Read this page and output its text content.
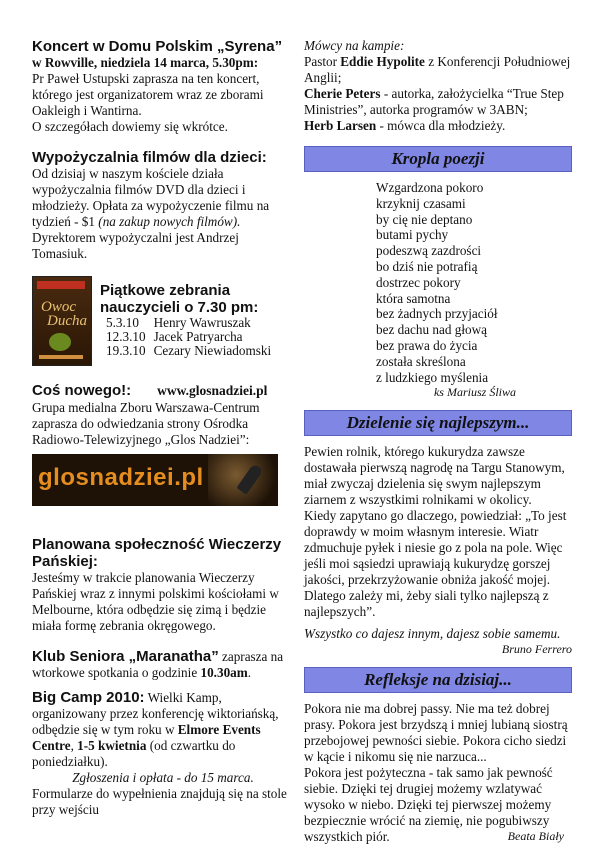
Koncert w Domu Polskim „Syrena”

w Rowville, niedziela 14 marca, 5.30pm:

Pr Paweł Ustupski zaprasza na ten koncert, którego jest organizatorem wraz ze zborami Oakleigh i Wantirna.

O szczegółach dowiemy się wkrótce.

Wypożyczalnia filmów dla dzieci:

Od dzisiaj w naszym kościele działa wypożyczalnia filmów DVD dla dzieci i młodzieży. Opłata za wypożyczenie filmu na tydzień - $1 (na zakup nowych filmów).

Dyrektorem wypożyczalni jest Andrzej Tomasiuk.

Owoc
Ducha

Piątkowe zebrania nauczycieli o 7.30 pm:

5.3.10	Henry Wawruszak
12.3.10	Jacek Patryarcha
19.3.10	Cezary Niewiadomski

Coś nowego!: www.glosnadziei.pl

Grupa medialna Zboru Warszawa-Centrum zaprasza do odwiedzania strony Ośrodka Radiowo-Telewizyjnego „Glos Nadziei”:

glosnadziei.pl

Planowana społeczność Wieczerzy Pańskiej:

Jesteśmy w trakcie planowania Wieczerzy Pańskiej wraz z innymi polskimi kościołami w Melbourne, która odbędzie się zimą i będzie miała formę zebrania okręgowego.

Klub Seniora „Maranatha” zaprasza na wtorkowe spotkania o godzinie 10.30am.

Big Camp 2010: Wielki Kamp, organizowany przez konferencję wiktoriańską, odbędzie się w tym roku w Elmore Events Centre, 1-5 kwietnia (od czwartku do poniedziałku).

Zgłoszenia i opłata - do 15 marca.

Formularze do wypełnienia znajdują się na stole przy wejściu

Mówcy na kampie:

Pastor Eddie Hypolite z Konferencji Południowej Anglii;

Cherie Peters - autorka, założycielka “True Step Ministries”, autorka programów w 3ABN;

Herb Larsen - mówca dla młodzieży.

Kropla poezji
Wzgardzona pokoro
krzyknij czasami
by cię nie deptano
butami pychy
podeszwą zazdrości
bo dziś nie potrafią
dostrzec pokory
która samotna
bez żadnych przyjaciół
bez dachu nad głową
bez prawa do życia
została skreślona
z ludzkiego myślenia

ks Mariusz Śliwa

Dzielenie się najlepszym...

Pewien rolnik, którego kukurydza zawsze dostawała pierwszą nagrodę na Targu Stanowym, miał zwyczaj dzielenia się swym najlepszym ziarnem z wszystkimi rolnikami w okolicy.

Kiedy zapytano go dlaczego, powiedział: „To jest doprawdy w moim własnym interesie. Wiatr zdmuchuje pyłek i niesie go z pola na pole. Więc jeśli moi sąsiedzi uprawiają kukurydzę gorszej jakości, przekrzyżowanie obniża jakość mojej. Dlatego zależy mi, żeby siali tylko najlepszą z najlepszych”.

Wszystko co dajesz innym, dajesz sobie samemu.

Bruno Ferrero

Refleksje na dzisiaj...

Pokora nie ma dobrej passy. Nie ma też dobrej prasy. Pokora jest brzydszą i mniej lubianą siostrą przebojowej pewności siebie. Pokora cicho siedzi w kącie i nikomu się nie narzuca...

Pokora jest pożyteczna - tak samo jak pewność siebie. Dzięki tej drugiej możemy wzlatywać wysoko w niebo. Dzięki tej pierwszej możemy bezpiecznie wrócić na ziemię, nie pogubiwszy wszystkich piór.	Beata Biały
